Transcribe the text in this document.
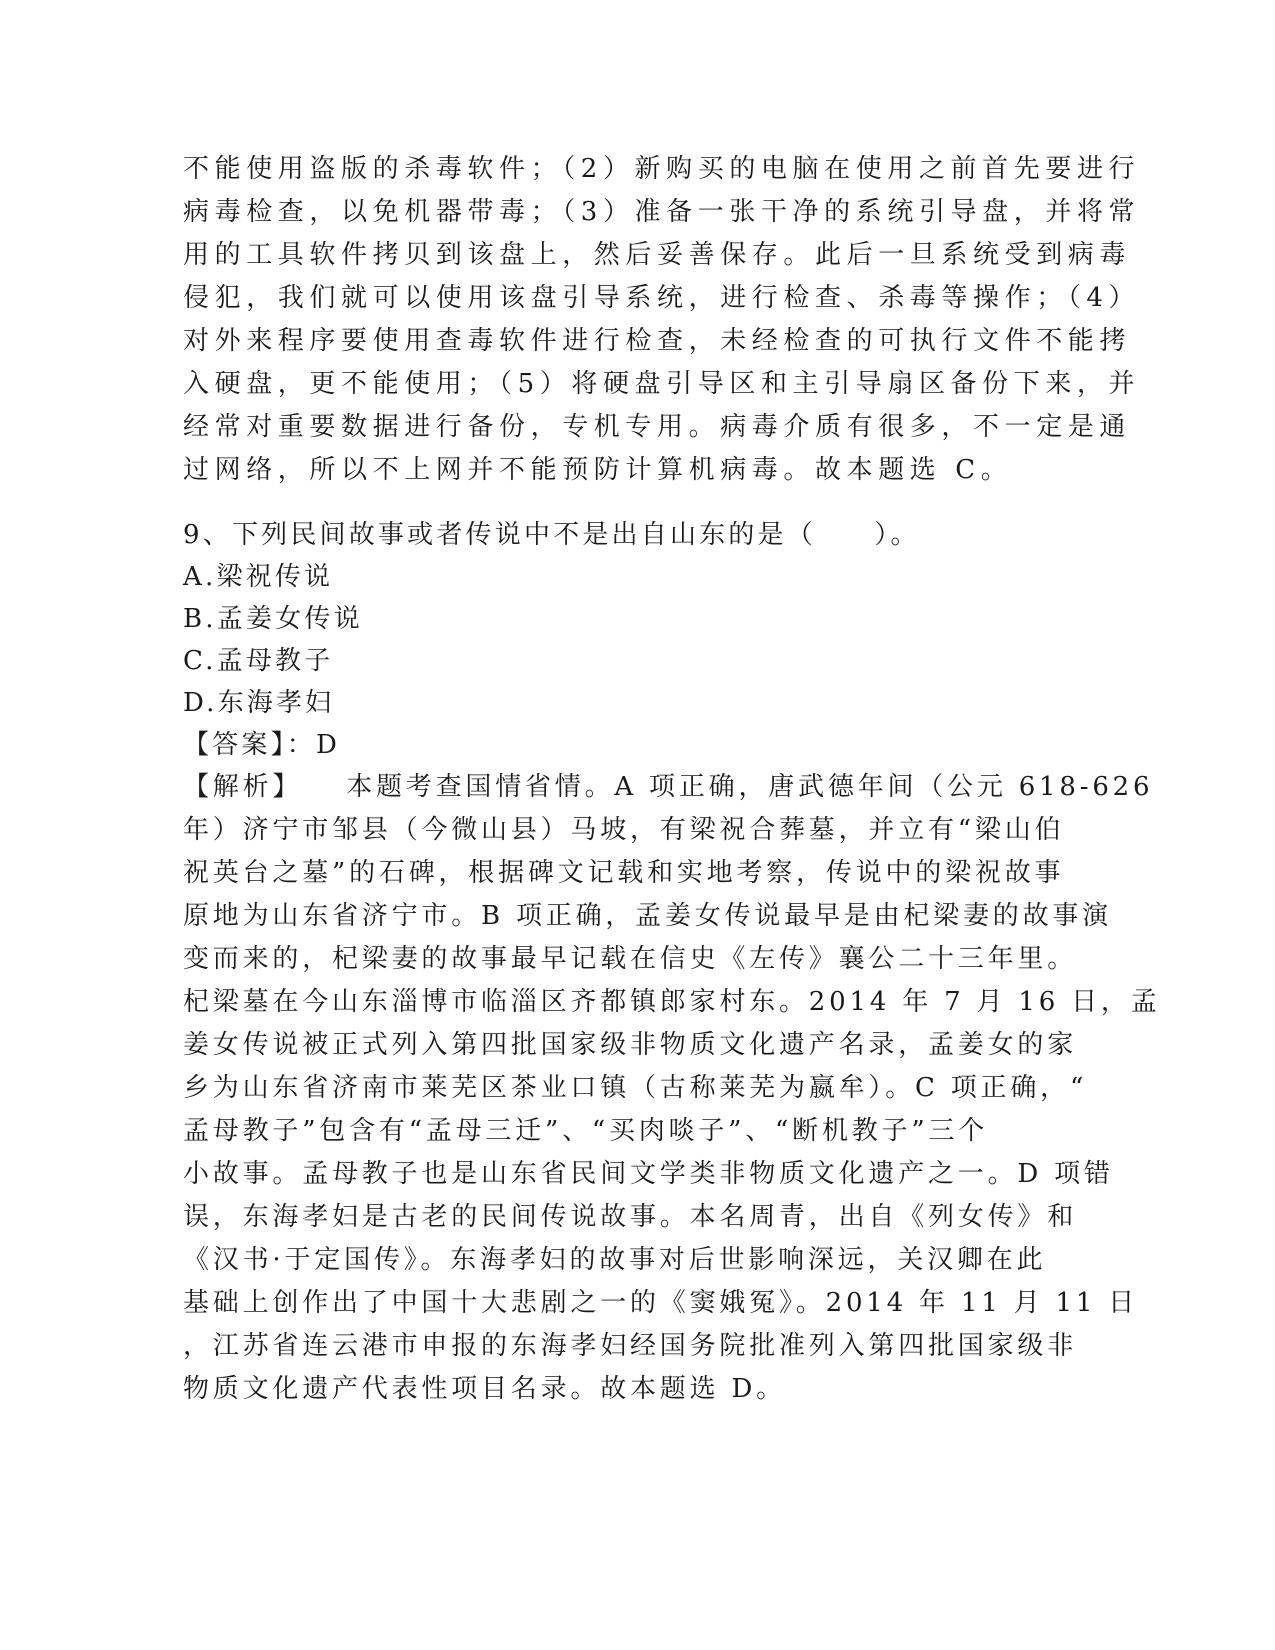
不能使用盗版的杀毒软件；（2）新购买的电脑在使用之前首先要进行
病毒检查，以免机器带毒；（3）准备一张干净的系统引导盘，并将常
用的工具软件拷贝到该盘上，然后妥善保存。此后一旦系统受到病毒
侵犯，我们就可以使用该盘引导系统，进行检查、杀毒等操作；（4）
对外来程序要使用查毒软件进行检查，未经检查的可执行文件不能拷
入硬盘，更不能使用；（5）将硬盘引导区和主引导扇区备份下来，并
经常对重要数据进行备份，专机专用。病毒介质有很多，不一定是通
过网络，所以不上网并不能预防计算机病毒。故本题选 C。
9、下列民间故事或者传说中不是出自山东的是（　　）。
A.梁祝传说
B.孟姜女传说
C.孟母教子
D.东海孝妇
【答案】：D
【解析】 本题考查国情省情。A 项正确，唐武德年间（公元 618-626
年）济宁市邹县（今微山县）马坡，有梁祝合葬墓，并立有“梁山伯
祝英台之墓”的石碑，根据碑文记载和实地考察，传说中的梁祝故事
原地为山东省济宁市。B 项正确，孟姜女传说最早是由杞梁妻的故事演
变而来的，杞梁妻的故事最早记载在信史《左传》襄公二十三年里。
杞梁墓在今山东淄博市临淄区齐都镇郎家村东。2014 年 7 月 16 日，孟
姜女传说被正式列入第四批国家级非物质文化遗产名录，孟姜女的家
乡为山东省济南市莱芜区茶业口镇（古称莱芜为嬴牟）。C 项正确，“
孟母教子”包含有“孟母三迁”、“买肉啖子”、“断机教子”三个
小故事。孟母教子也是山东省民间文学类非物质文化遗产之一。D 项错
误，东海孝妇是古老的民间传说故事。本名周青，出自《列女传》和
《汉书·于定国传》。东海孝妇的故事对后世影响深远，关汉卿在此
基础上创作出了中国十大悲剧之一的《窦娥冤》。2014 年 11 月 11 日
，江苏省连云港市申报的东海孝妇经国务院批准列入第四批国家级非
物质文化遗产代表性项目名录。故本题选 D。
